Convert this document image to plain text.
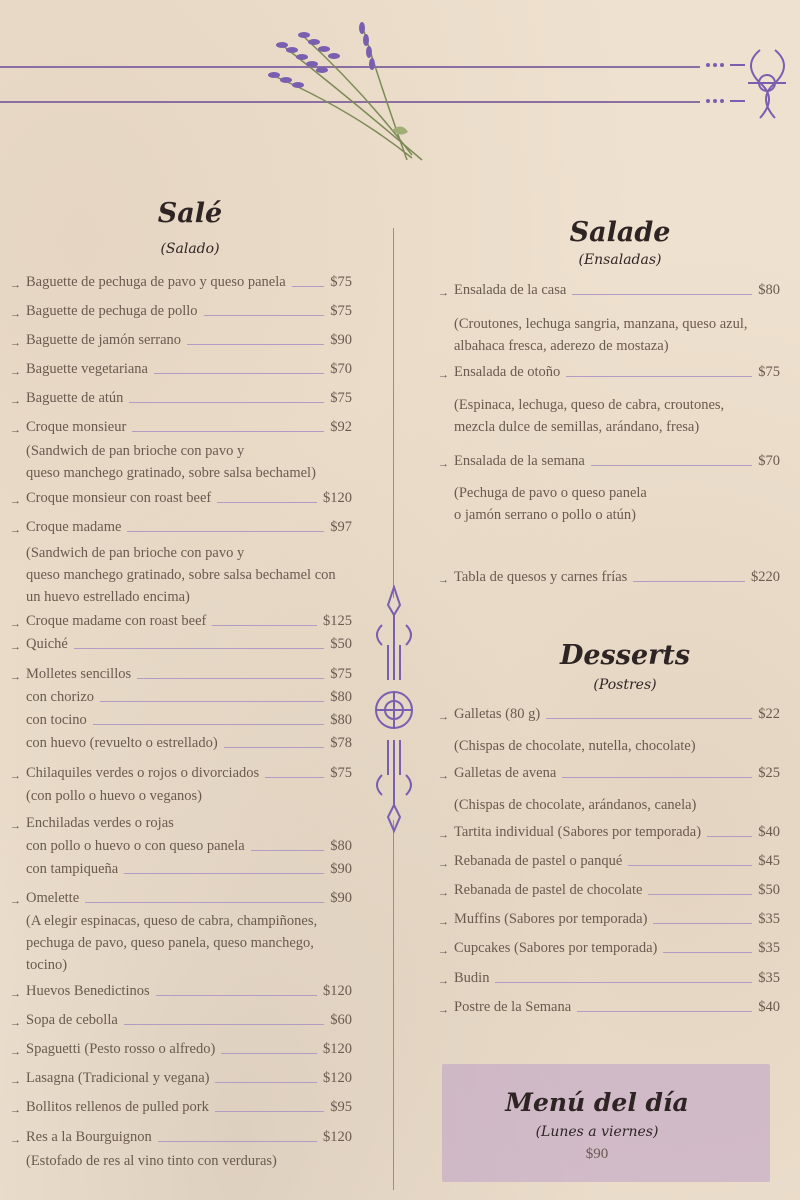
Salé
(Salado)
→ Baguette de pechuga de pavo y queso panela	$75
→ Baguette de pechuga de pollo	$75
→ Baguette de jamón serrano	$90
→ Baguette vegetariana	$70
→ Baguette de atún	$75
→ Croque monsieur	$92
→ Croque monsieur con roast beef	$120
→ Croque madame	$97
→ Croque madame con roast beef	$125
→ Quiché	$50
→ Molletes sencillos	$75
con chorizo	$80
con tocino	$80
con huevo (revuelto o estrellado)	$78
→ Chilaquiles verdes o rojos o divorciados	$75
→ Enchiladas verdes o rojas
con pollo o huevo o con queso panela	$80
con tampiqueña	$90
→ Omelette	$90
→ Huevos Benedictinos	$120
→ Sopa de cebolla	$60
→ Spaguetti (Pesto rosso o alfredo)	$120
→ Lasagna (Tradicional y vegana)	$120
→ Bollitos rellenos de pulled pork	$95
→ Res a la Bourguignon	$120
(Sandwich de pan brioche con pavo y
queso manchego gratinado, sobre salsa bechamel)
(Sandwich de pan brioche con pavo y
queso manchego gratinado, sobre salsa bechamel con
un huevo estrellado encima)
(con pollo o huevo o veganos)
(A elegir espinacas, queso de cabra, champiñones,
pechuga de pavo, queso panela, queso manchego,
tocino)
(Estofado de res al vino tinto con verduras)
Salade
(Ensaladas)
→ Ensalada de la casa	$80
→ Ensalada de otoño	$75
→ Ensalada de la semana	$70
→ Tabla de quesos y carnes frías	$220
(Croutones, lechuga sangria, manzana, queso azul,
albahaca fresca, aderezo de mostaza)
(Espinaca, lechuga, queso de cabra, croutones,
mezcla dulce de semillas, arándano, fresa)
(Pechuga de pavo o queso panela
o jamón serrano o pollo o atún)
Desserts
(Postres)
→ Galletas (80 g)	$22
→ Galletas de avena	$25
→ Tartita individual (Sabores por temporada)	$40
→ Rebanada de pastel o panqué	$45
→ Rebanada de pastel de chocolate	$50
→ Muffins (Sabores por temporada)	$35
→ Cupcakes (Sabores por temporada)	$35
→ Budin	$35
→ Postre de la Semana	$40
(Chispas de chocolate, nutella, chocolate)
(Chispas de chocolate, arándanos, canela)
Menú del día
(Lunes a viernes)
$90
